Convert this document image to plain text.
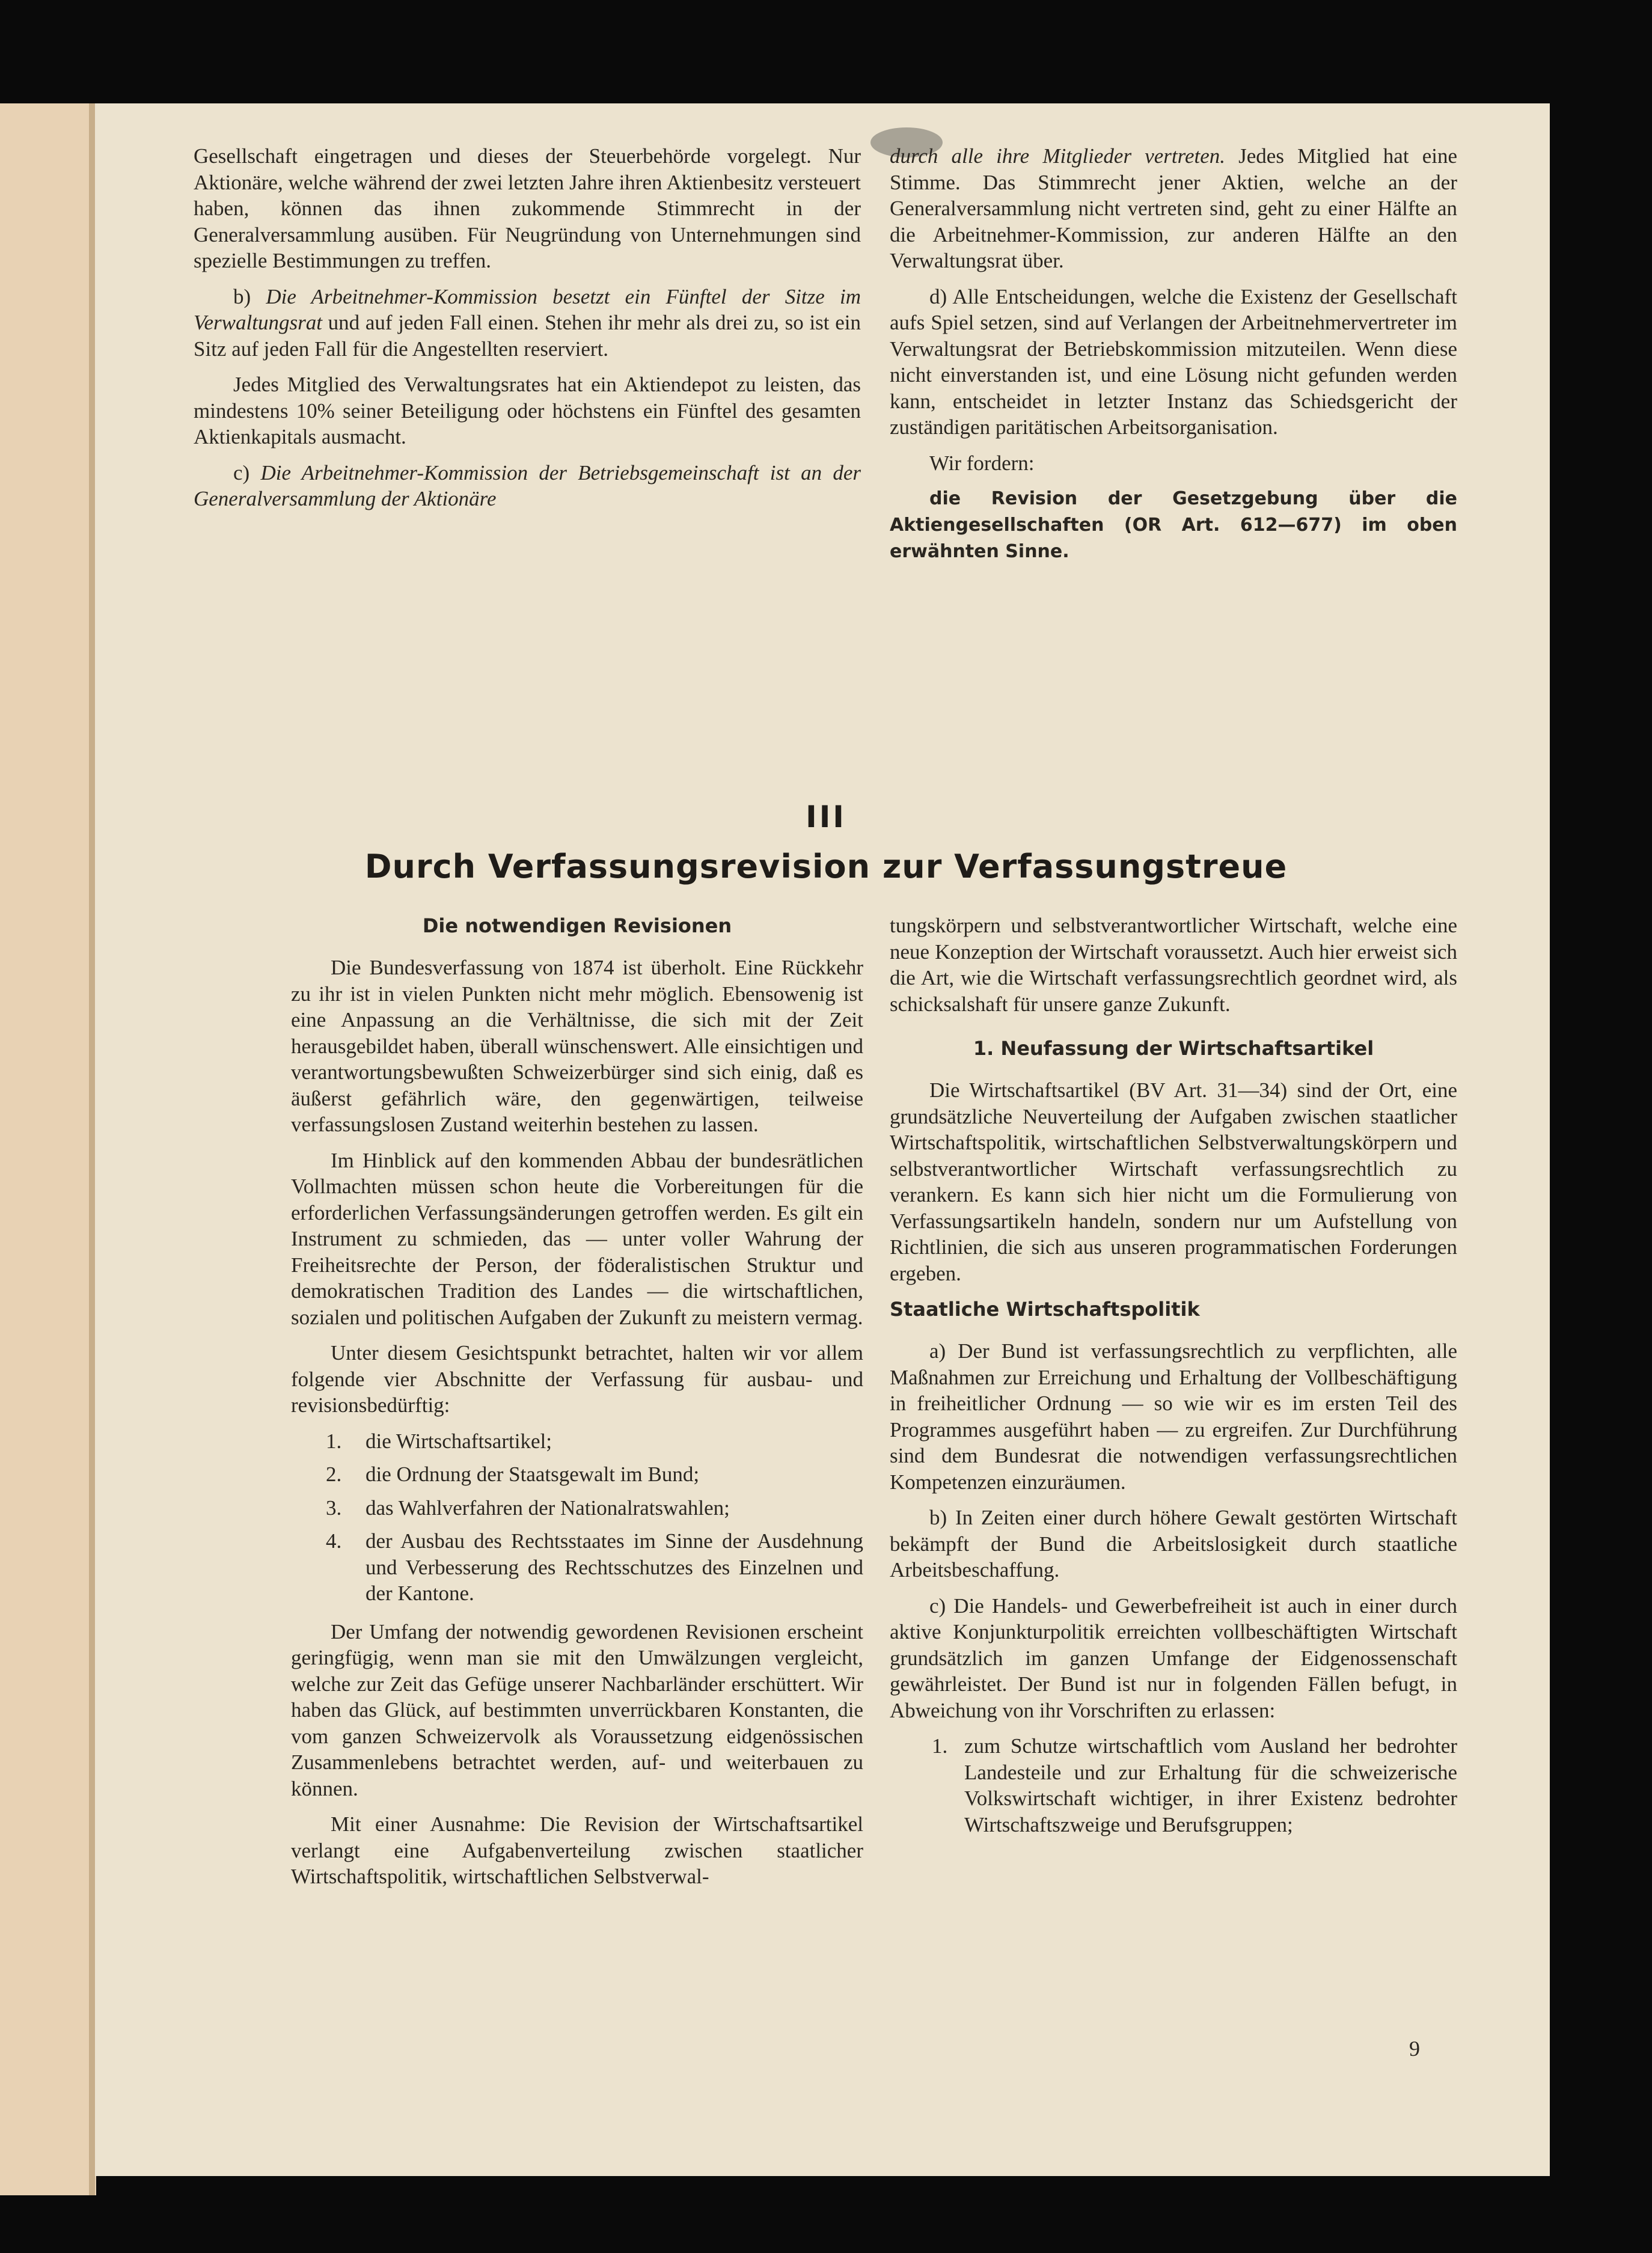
Gesellschaft eingetragen und dieses der Steuerbehörde vorgelegt. Nur Aktionäre, welche während der zwei letzten Jahre ihren Aktienbesitz versteuert haben, können das ihnen zukommende Stimmrecht in der Generalversammlung ausüben. Für Neugründung von Unternehmungen sind spezielle Bestimmungen zu treffen.

b) Die Arbeitnehmer-Kommission besetzt ein Fünftel der Sitze im Verwaltungsrat und auf jeden Fall einen. Stehen ihr mehr als drei zu, so ist ein Sitz auf jeden Fall für die Angestellten reserviert.

Jedes Mitglied des Verwaltungsrates hat ein Aktiendepot zu leisten, das mindestens 10% seiner Beteiligung oder höchstens ein Fünftel des gesamten Aktienkapitals ausmacht.

c) Die Arbeitnehmer-Kommission der Betriebsgemeinschaft ist an der Generalversammlung der Aktionäre

durch alle ihre Mitglieder vertreten. Jedes Mitglied hat eine Stimme. Das Stimmrecht jener Aktien, welche an der Generalversammlung nicht vertreten sind, geht zu einer Hälfte an die Arbeitnehmer-Kommission, zur anderen Hälfte an den Verwaltungsrat über.

d) Alle Entscheidungen, welche die Existenz der Gesellschaft aufs Spiel setzen, sind auf Verlangen der Arbeitnehmervertreter im Verwaltungsrat der Betriebskommission mitzuteilen. Wenn diese nicht einverstanden ist, und eine Lösung nicht gefunden werden kann, entscheidet in letzter Instanz das Schiedsgericht der zuständigen paritätischen Arbeitsorganisation.

Wir fordern:

die Revision der Gesetzgebung über die Aktiengesellschaften (OR Art. 612—677) im oben erwähnten Sinne.

III
Durch Verfassungsrevision zur Verfassungstreue
Die notwendigen Revisionen

Die Bundesverfassung von 1874 ist überholt. Eine Rückkehr zu ihr ist in vielen Punkten nicht mehr möglich. Ebensowenig ist eine Anpassung an die Verhältnisse, die sich mit der Zeit herausgebildet haben, überall wünschenswert. Alle einsichtigen und verantwortungsbewußten Schweizerbürger sind sich einig, daß es äußerst gefährlich wäre, den gegenwärtigen, teilweise verfassungslosen Zustand weiterhin bestehen zu lassen.

Im Hinblick auf den kommenden Abbau der bundesrätlichen Vollmachten müssen schon heute die Vorbereitungen für die erforderlichen Verfassungsänderungen getroffen werden. Es gilt ein Instrument zu schmieden, das — unter voller Wahrung der Freiheitsrechte der Person, der föderalistischen Struktur und demokratischen Tradition des Landes — die wirtschaftlichen, sozialen und politischen Aufgaben der Zukunft zu meistern vermag.

Unter diesem Gesichtspunkt betrachtet, halten wir vor allem folgende vier Abschnitte der Verfassung für ausbau- und revisionsbedürftig:

1.	die Wirtschaftsartikel;
2.	die Ordnung der Staatsgewalt im Bund;
3.	das Wahlverfahren der Nationalratswahlen;
4.	der Ausbau des Rechtsstaates im Sinne der Ausdehnung und Verbesserung des Rechtsschutzes des Einzelnen und der Kantone.

Der Umfang der notwendig gewordenen Revisionen erscheint geringfügig, wenn man sie mit den Umwälzungen vergleicht, welche zur Zeit das Gefüge unserer Nachbarländer erschüttert. Wir haben das Glück, auf bestimmten unverrückbaren Konstanten, die vom ganzen Schweizervolk als Voraussetzung eidgenössischen Zusammenlebens betrachtet werden, auf- und weiterbauen zu können.

Mit einer Ausnahme: Die Revision der Wirtschaftsartikel verlangt eine Aufgabenverteilung zwischen staatlicher Wirtschaftspolitik, wirtschaftlichen Selbstverwal-

tungskörpern und selbstverantwortlicher Wirtschaft, welche eine neue Konzeption der Wirtschaft voraussetzt. Auch hier erweist sich die Art, wie die Wirtschaft verfassungsrechtlich geordnet wird, als schicksalshaft für unsere ganze Zukunft.

1. Neufassung der Wirtschaftsartikel

Die Wirtschaftsartikel (BV Art. 31—34) sind der Ort, eine grundsätzliche Neuverteilung der Aufgaben zwischen staatlicher Wirtschaftspolitik, wirtschaftlichen Selbstverwaltungskörpern und selbstverantwortlicher Wirtschaft verfassungsrechtlich zu verankern. Es kann sich hier nicht um die Formulierung von Verfassungsartikeln handeln, sondern nur um Aufstellung von Richtlinien, die sich aus unseren programmatischen Forderungen ergeben.

Staatliche Wirtschaftspolitik

a) Der Bund ist verfassungsrechtlich zu verpflichten, alle Maßnahmen zur Erreichung und Erhaltung der Vollbeschäftigung in freiheitlicher Ordnung — so wie wir es im ersten Teil des Programmes ausgeführt haben — zu ergreifen. Zur Durchführung sind dem Bundesrat die notwendigen verfassungsrechtlichen Kompetenzen einzuräumen.

b) In Zeiten einer durch höhere Gewalt gestörten Wirtschaft bekämpft der Bund die Arbeitslosigkeit durch staatliche Arbeitsbeschaffung.

c) Die Handels- und Gewerbefreiheit ist auch in einer durch aktive Konjunkturpolitik erreichten vollbeschäftigten Wirtschaft grundsätzlich im ganzen Umfange der Eidgenossenschaft gewährleistet. Der Bund ist nur in folgenden Fällen befugt, in Abweichung von ihr Vorschriften zu erlassen:

1. zum Schutze wirtschaftlich vom Ausland her bedrohter Landesteile und zur Erhaltung für die schweizerische Volkswirtschaft wichtiger, in ihrer Existenz bedrohter Wirtschaftszweige und Berufsgruppen;
9
